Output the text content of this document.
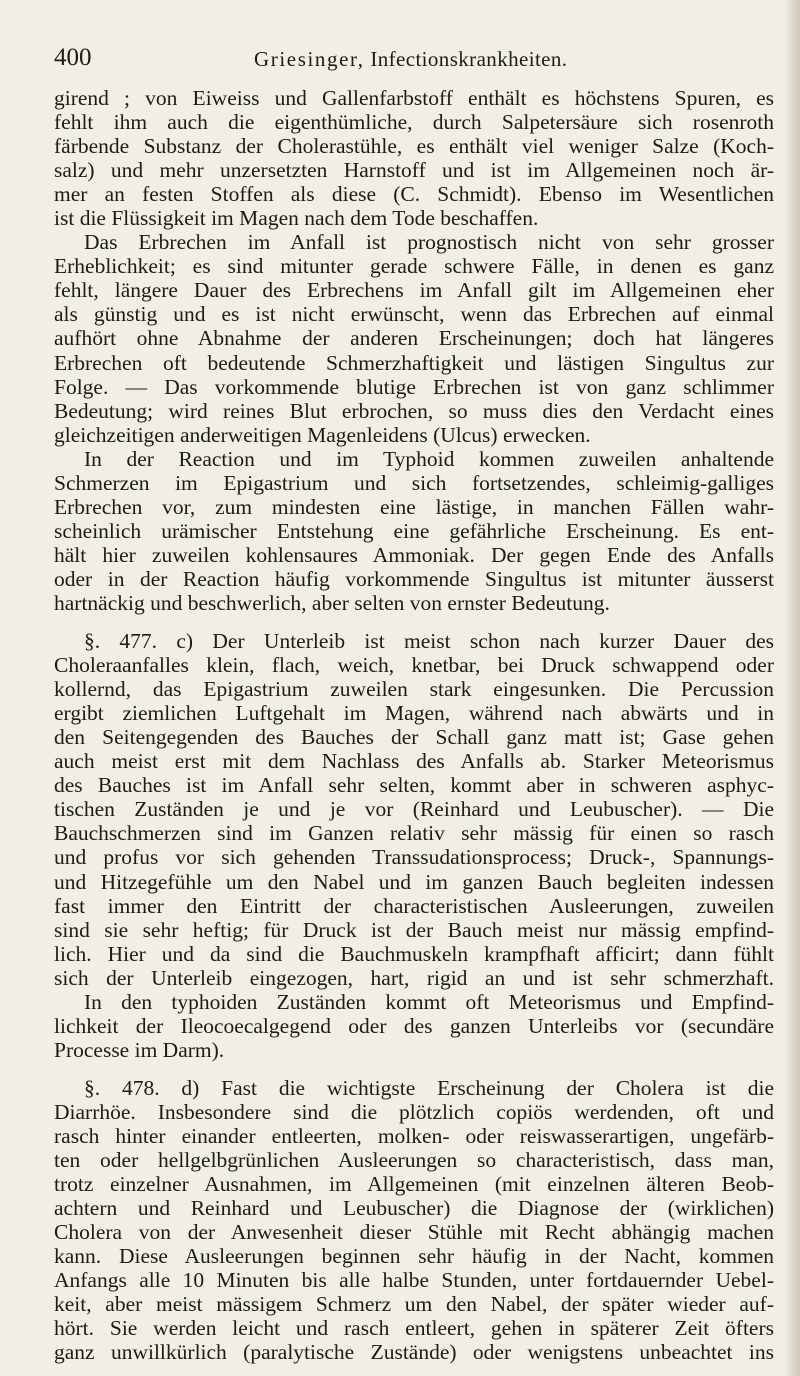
400	Griesinger, Infectionskrankheiten.
girend ; von Eiweiss und Gallenfarbstoff enthält es höchstens Spuren, es
fehlt ihm auch die eigenthümliche, durch Salpetersäure sich rosenroth
färbende Substanz der Cholerastühle, es enthält viel weniger Salze (Koch-
salz) und mehr unzersetzten Harnstoff und ist im Allgemeinen noch är-
mer an festen Stoffen als diese (C. Schmidt). Ebenso im Wesentlichen
ist die Flüssigkeit im Magen nach dem Tode beschaffen.
Das Erbrechen im Anfall ist prognostisch nicht von sehr grosser
Erheblichkeit; es sind mitunter gerade schwere Fälle, in denen es ganz
fehlt, längere Dauer des Erbrechens im Anfall gilt im Allgemeinen eher
als günstig und es ist nicht erwünscht, wenn das Erbrechen auf einmal
aufhört ohne Abnahme der anderen Erscheinungen; doch hat längeres
Erbrechen oft bedeutende Schmerzhaftigkeit und lästigen Singultus zur
Folge. — Das vorkommende blutige Erbrechen ist von ganz schlimmer
Bedeutung; wird reines Blut erbrochen, so muss dies den Verdacht eines
gleichzeitigen anderweitigen Magenleidens (Ulcus) erwecken.
In der Reaction und im Typhoid kommen zuweilen anhaltende
Schmerzen im Epigastrium und sich fortsetzendes, schleimig-galliges
Erbrechen vor, zum mindesten eine lästige, in manchen Fällen wahr-
scheinlich urämischer Entstehung eine gefährliche Erscheinung. Es ent-
hält hier zuweilen kohlensaures Ammoniak. Der gegen Ende des Anfalls
oder in der Reaction häufig vorkommende Singultus ist mitunter äusserst
hartnäckig und beschwerlich, aber selten von ernster Bedeutung.
§. 477. c) Der Unterleib ist meist schon nach kurzer Dauer des
Choleraanfalles klein, flach, weich, knetbar, bei Druck schwappend oder
kollernd, das Epigastrium zuweilen stark eingesunken. Die Percussion
ergibt ziemlichen Luftgehalt im Magen, während nach abwärts und in
den Seitengegenden des Bauches der Schall ganz matt ist; Gase gehen
auch meist erst mit dem Nachlass des Anfalls ab. Starker Meteorismus
des Bauches ist im Anfall sehr selten, kommt aber in schweren asphyc-
tischen Zuständen je und je vor (Reinhard und Leubuscher). — Die
Bauchschmerzen sind im Ganzen relativ sehr mässig für einen so rasch
und profus vor sich gehenden Transsudationsprocess; Druck-, Spannungs-
und Hitzegefühle um den Nabel und im ganzen Bauch begleiten indessen
fast immer den Eintritt der characteristischen Ausleerungen, zuweilen
sind sie sehr heftig; für Druck ist der Bauch meist nur mässig empfind-
lich. Hier und da sind die Bauchmuskeln krampfhaft afficirt; dann fühlt
sich der Unterleib eingezogen, hart, rigid an und ist sehr schmerzhaft.
In den typhoiden Zuständen kommt oft Meteorismus und Empfind-
lichkeit der Ileocoecalgegend oder des ganzen Unterleibs vor (secundäre
Processe im Darm).
§. 478. d) Fast die wichtigste Erscheinung der Cholera ist die
Diarrhöe. Insbesondere sind die plötzlich copiös werdenden, oft und
rasch hinter einander entleerten, molken- oder reiswasserartigen, ungefärb-
ten oder hellgelbgrünlichen Ausleerungen so characteristisch, dass man,
trotz einzelner Ausnahmen, im Allgemeinen (mit einzelnen älteren Beob-
achtern und Reinhard und Leubuscher) die Diagnose der (wirklichen)
Cholera von der Anwesenheit dieser Stühle mit Recht abhängig machen
kann. Diese Ausleerungen beginnen sehr häufig in der Nacht, kommen
Anfangs alle 10 Minuten bis alle halbe Stunden, unter fortdauernder Uebel-
keit, aber meist mässigem Schmerz um den Nabel, der später wieder auf-
hört. Sie werden leicht und rasch entleert, gehen in späterer Zeit öfters
ganz unwillkürlich (paralytische Zustände) oder wenigstens unbeachtet ins
